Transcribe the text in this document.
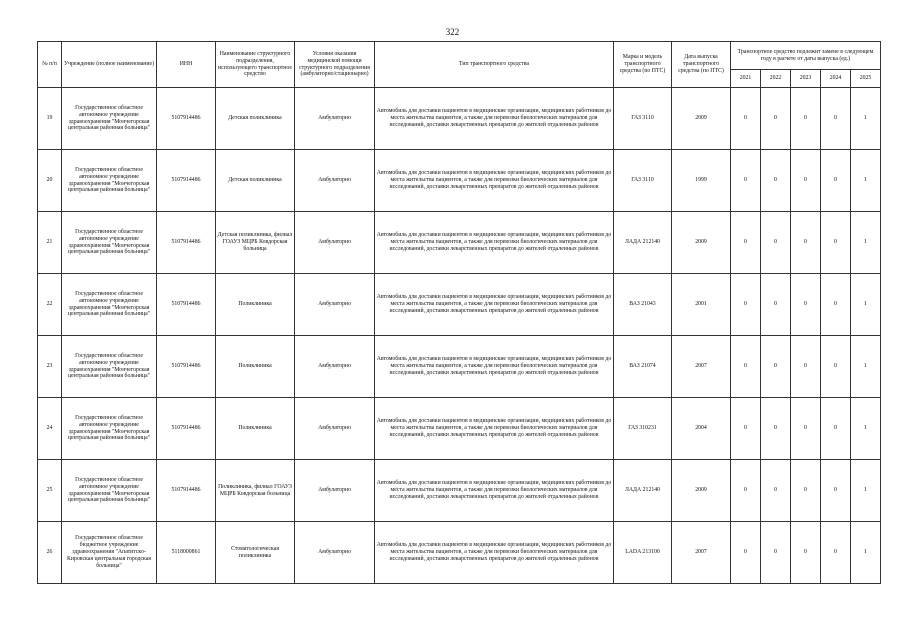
322
№ п/п	Учреждение (полное наименование)	ИНН	Наименование структурного подразделения, использующего транспортное средство	Условия оказания медицинской помощи структурного подразделения (амбулаторно/стационарно)	Тип транспортного средства	Марка и модель транспортного средства (по ПТС)	Дата выпуска транспортного средства (по ПТС)	Транспортное средство подлежит замене в следующем году в расчете от даты выпуска (ед.)				
								2021	2022	2023	2024	2025
19	Государственное областное автономное учреждение здравоохранения "Мончегорская центральная районная больница"	5107914486	Детская поликлиника	Амбулаторно	Автомобиль для доставки пациентов в медицинские организации, медицинских работников до места жительства пациентов, а также для перевозки биологических материалов для исследований, доставки лекарственных препаратов до жителей отдаленных районов	ГАЗ 3110	2009	0	0	0	0	1
20	Государственное областное автономное учреждение здравоохранения "Мончегорская центральная районная больница"	5107914486	Детская поликлиника	Амбулаторно	Автомобиль для доставки пациентов в медицинские организации, медицинских работников до места жительства пациентов, а также для перевозки биологических материалов для исследований, доставки лекарственных препаратов до жителей отдаленных районов	ГАЗ 3110	1999	0	0	0	0	1
21	Государственное областное автономное учреждение здравоохранения "Мончегорская центральная районная больница"	5107914486	Детская поликлиника, филиал ГОАУЗ МЦРБ Ковдорская больница	Амбулаторно	Автомобиль для доставки пациентов в медицинские организации, медицинских работников до места жительства пациентов, а также для перевозки биологических материалов для исследований, доставки лекарственных препаратов до жителей отдаленных районов	ЛАДА 212140	2009	0	0	0	0	1
22	Государственное областное автономное учреждение здравоохранения "Мончегорская центральная районная больница"	5107914486	Поликлиника	Амбулаторно	Автомобиль для доставки пациентов в медицинские организации, медицинских работников до места жительства пациентов, а также для перевозки биологических материалов для исследований, доставки лекарственных препаратов до жителей отдаленных районов	ВАЗ 21043	2001	0	0	0	0	1
23	Государственное областное автономное учреждение здравоохранения "Мончегорская центральная районная больница"	5107914486	Поликлиника	Амбулаторно	Автомобиль для доставки пациентов в медицинские организации, медицинских работников до места жительства пациентов, а также для перевозки биологических материалов для исследований, доставки лекарственных препаратов до жителей отдаленных районов	ВАЗ 21074	2007	0	0	0	0	1
24	Государственное областное автономное учреждение здравоохранения "Мончегорская центральная районная больница"	5107914486	Поликлиника	Амбулаторно	Автомобиль для доставки пациентов в медицинские организации, медицинских работников до места жительства пациентов, а также для перевозки биологических материалов для исследований, доставки лекарственных препаратов до жителей отдаленных районов	ГАЗ 310231	2004	0	0	0	0	1
25	Государственное областное автономное учреждение здравоохранения "Мончегорская центральная районная больница"	5107914486	Поликлиника, филиал ГОАУЗ МЦРБ Ковдорская больница	Амбулаторно	Автомобиль для доставки пациентов в медицинские организации, медицинских работников до места жительства пациентов, а также для перевозки биологических материалов для исследований, доставки лекарственных препаратов до жителей отдаленных районов	ЛАДА 212140	2009	0	0	0	0	1
26	Государственное областное бюджетное учреждение здравоохранения "Апатитско-Кировская центральная городская больница"	5118000861	Стоматологическая поликлиника	Амбулаторно	Автомобиль для доставки пациентов в медицинские организации, медицинских работников до места жительства пациентов, а также для перевозки биологических материалов для исследований, доставки лекарственных препаратов до жителей отдаленных районов	LADA 213100	2007	0	0	0	0	1
